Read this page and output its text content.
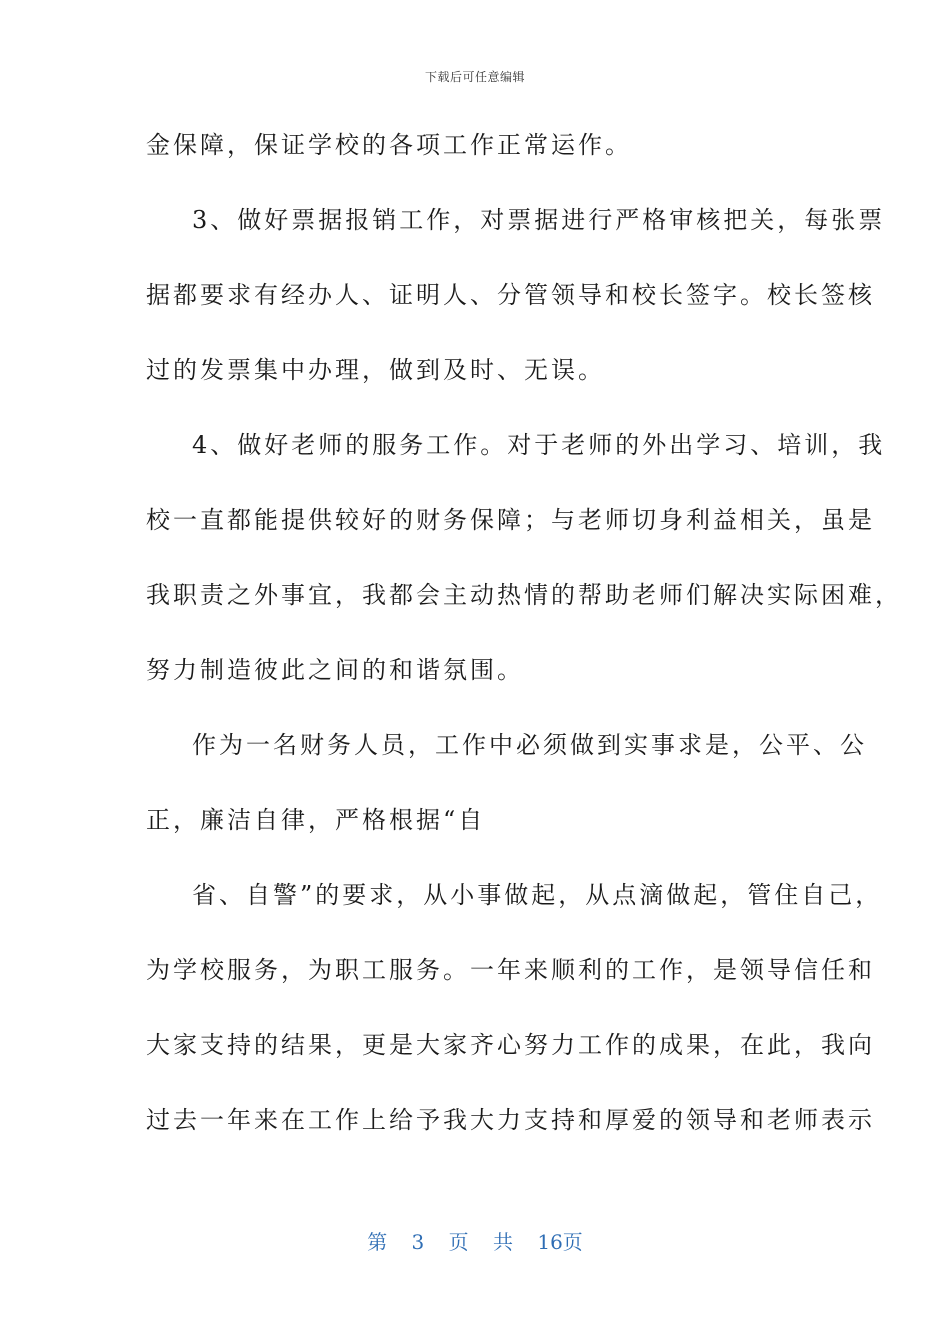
下载后可任意编辑
金保障，保证学校的各项工作正常运作。
3、做好票据报销工作，对票据进行严格审核把关，每张票
据都要求有经办人、证明人、分管领导和校长签字。校长签核
过的发票集中办理，做到及时、无误。
4、做好老师的服务工作。对于老师的外出学习、培训，我
校一直都能提供较好的财务保障；与老师切身利益相关，虽是
我职责之外事宜，我都会主动热情的帮助老师们解决实际困难，
努力制造彼此之间的和谐氛围。
作为一名财务人员，工作中必须做到实事求是，公平、公
正，廉洁自律，严格根据“自
省、自警”的要求，从小事做起，从点滴做起，管住自己，
为学校服务，为职工服务。一年来顺利的工作，是领导信任和
大家支持的结果，更是大家齐心努力工作的成果，在此，我向
过去一年来在工作上给予我大力支持和厚爱的领导和老师表示
第 3 页 共 16页
